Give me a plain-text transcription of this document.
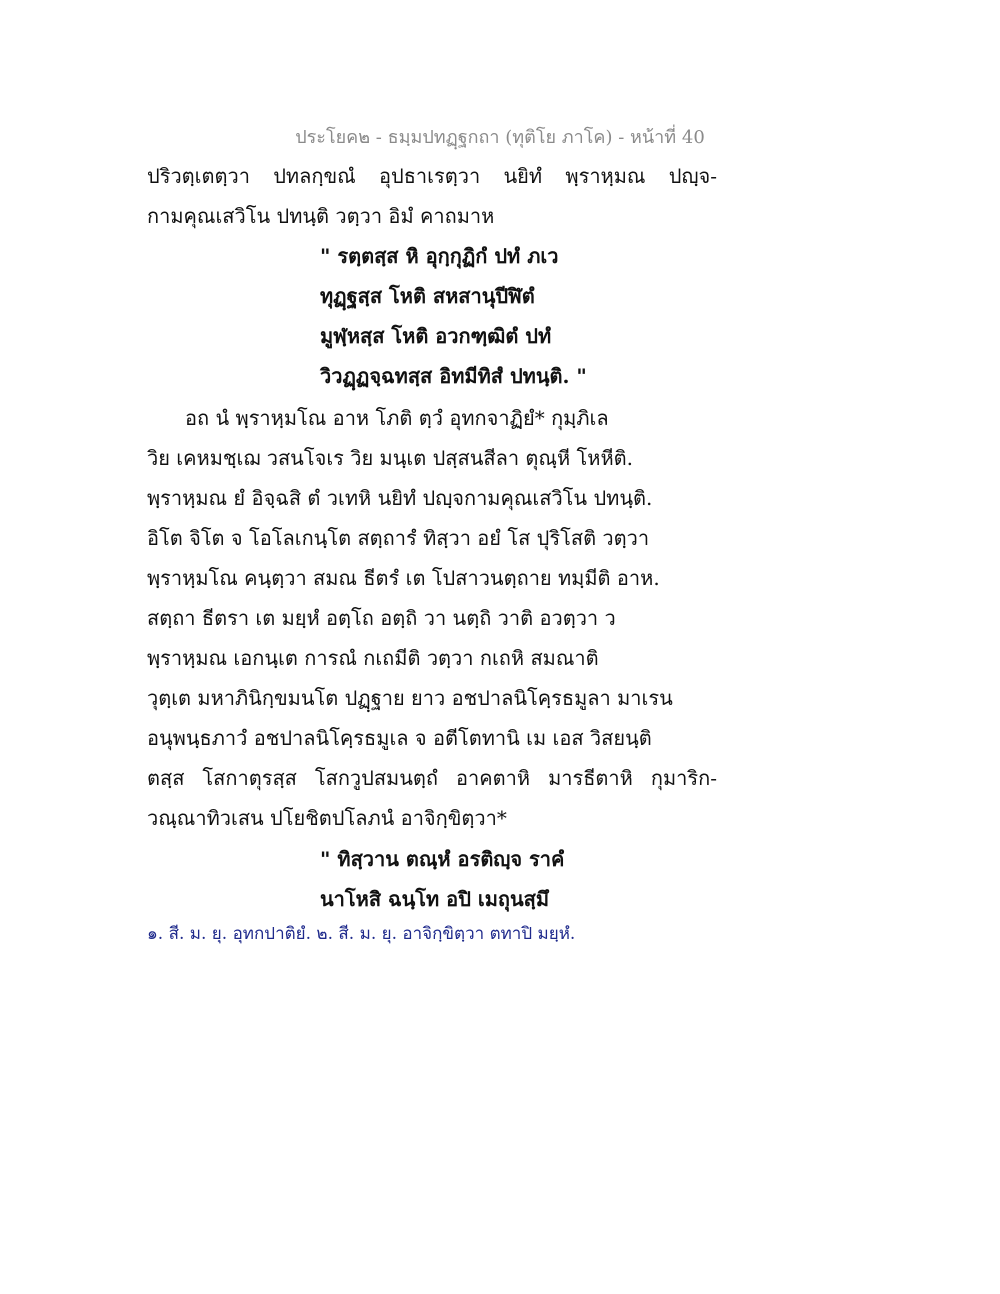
ประโยค๒ - ธมฺมปทฏฺฐกถา (ทุติโย ภาโค) - หน้าที่ 40
ปริวตฺเตตฺวา ปทลกฺขณํ อุปธาเรตฺวา นยิทํ พฺราหฺมณ ปญฺจ-
กามคุณเสวิโน ปทนฺติ วตฺวา อิมํ คาถมาห
" รตฺตสฺส หิ อุกฺกุฏิกํ ปทํ ภเว
ทุฏฺฐสฺส โหติ สหสานุปีฬิตํ
มูฬฺหสฺส โหติ อวกฑฺฒิตํ ปทํ
วิวฏฺฏจฺฉทสฺส อิทมีทิสํ ปทนฺติ. "
อถ นํ พฺราหฺมโณ อาห โภติ ตฺวํ อุทกจาฏิยํ* กุมฺภิเล
วิย เคหมชฺเฌ วสนโจเร วิย มนฺเต ปสฺสนสีลา ตุณฺหี โหหีติ.
พฺราหฺมณ ยํ อิจฺฉสิ ตํ วเทหิ นยิทํ ปญฺจกามคุณเสวิโน ปทนฺติ.
อิโต จิโต จ โอโลเกนฺโต สตฺถารํ ทิสฺวา อยํ โส ปุริโสติ วตฺวา
พฺราหฺมโณ คนฺตฺวา สมณ ธีตรํ เต โปสาวนตฺถาย ทมฺมีติ อาห.
สตฺถา ธีตรา เต มยฺหํ อตฺโถ อตฺถิ วา นตฺถิ วาติ อวตฺวา ว
พฺราหฺมณ เอกนฺเต การณํ กเถมีติ วตฺวา กเถหิ สมณาติ
วุตฺเต มหาภินิกฺขมนโต ปฏฺฐาย ยาว อชปาลนิโคฺรธมูลา มาเรน
อนุพนฺธภาวํ อชปาลนิโคฺรธมูเล จ อตีโตทานิ เม เอส วิสยนฺติ
ตสฺส โสกาตุรสฺส โสกวูปสมนตฺถํ อาคตาหิ มารธีตาหิ กุมาริก-
วณฺณาทิวเสน ปโยชิตปโลภนํ อาจิกฺขิตฺวา*
" ทิสฺวาน ตณฺหํ อรติญฺจ ราคํ
นาโหสิ ฉนฺโท อปิ เมถุนสฺมึ
๑. สี. ม. ยุ. อุทกปาติยํ. ๒. สี. ม. ยุ. อาจิกฺขิตฺวา ตทาปิ มยฺหํ.
